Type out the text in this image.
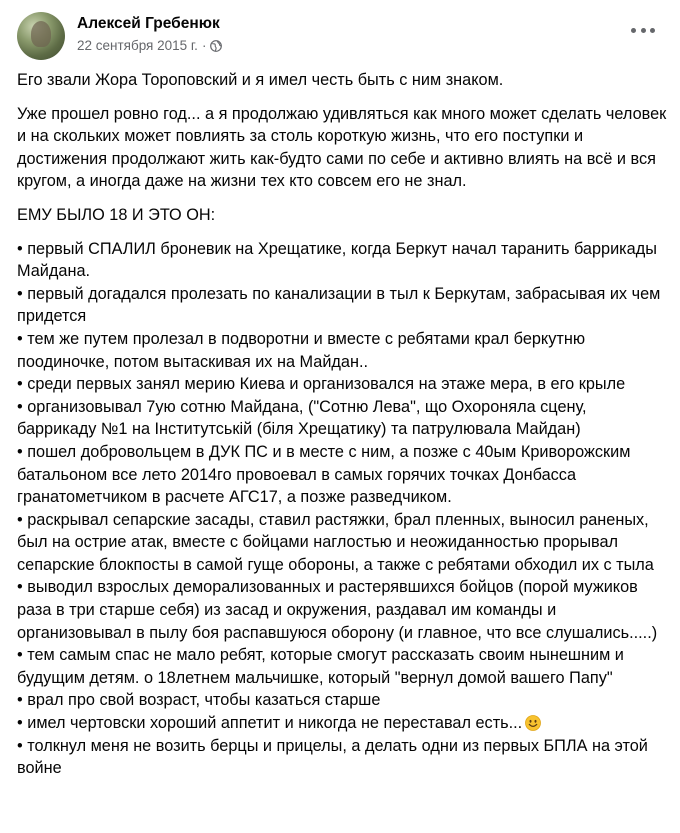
Алексей Гребенюк
22 сентября 2015 г. ·

Его звали Жора Тороповский и я имел честь быть с ним знаком.

Уже прошел ровно год... а я продолжаю удивляться как много может сделать человек и на скольких может повлиять за столь короткую жизнь, что его поступки и достижения продолжают жить как-будто сами по себе и активно влиять на всё и вся кругом, а иногда даже на жизни тех кто совсем его не знал.

ЕМУ БЫЛО 18 И ЭТО ОН:

• первый СПАЛИЛ броневик на Хрещатике, когда Беркут начал таранить баррикады Майдана.

• первый догадался пролезать по канализации в тыл к Беркутам, забрасывая их чем придется

• тем же путем пролезал в подворотни и вместе с ребятами крал беркутню поодиночке, потом вытаскивая их на Майдан..

• среди первых занял мерию Киева и организовался на этаже мера, в его крыле

• организовывал 7ую сотню Майдана, ("Сотню Лева", що Охороняла сцену, баррикаду №1 на Інститутській (біля Хрещатику) та патрулювала Майдан)

• пошел добровольцем в ДУК ПС и в месте с ним, а позже с 40ым Криворожским батальоном все лето 2014го провоевал в самых горячих точках Донбасса гранатометчиком в расчете АГС17, а позже разведчиком.

• раскрывал сепарские засады, ставил растяжки, брал пленных, выносил раненых, был на острие атак, вместе с бойцами наглостью и неожиданностью прорывал сепарские блокпосты в самой гуще обороны, а также с ребятами обходил их с тыла

• выводил взрослых деморализованных и растерявшихся бойцов (порой мужиков раза в три старше себя) из засад и окружения, раздавал им команды и организовывал в пылу боя распавшуюся оборону (и главное, что все слушались.....)

• тем самым спас не мало ребят, которые смогут рассказать своим нынешним и будущим детям. о 18летнем мальчишке, который "вернул домой вашего Папу"

• врал про свой возраст, чтобы казаться старше

• имел чертовски хороший аппетит и никогда не переставал есть...

• толкнул меня не возить берцы и прицелы, а делать одни из первых БПЛА на этой войне
